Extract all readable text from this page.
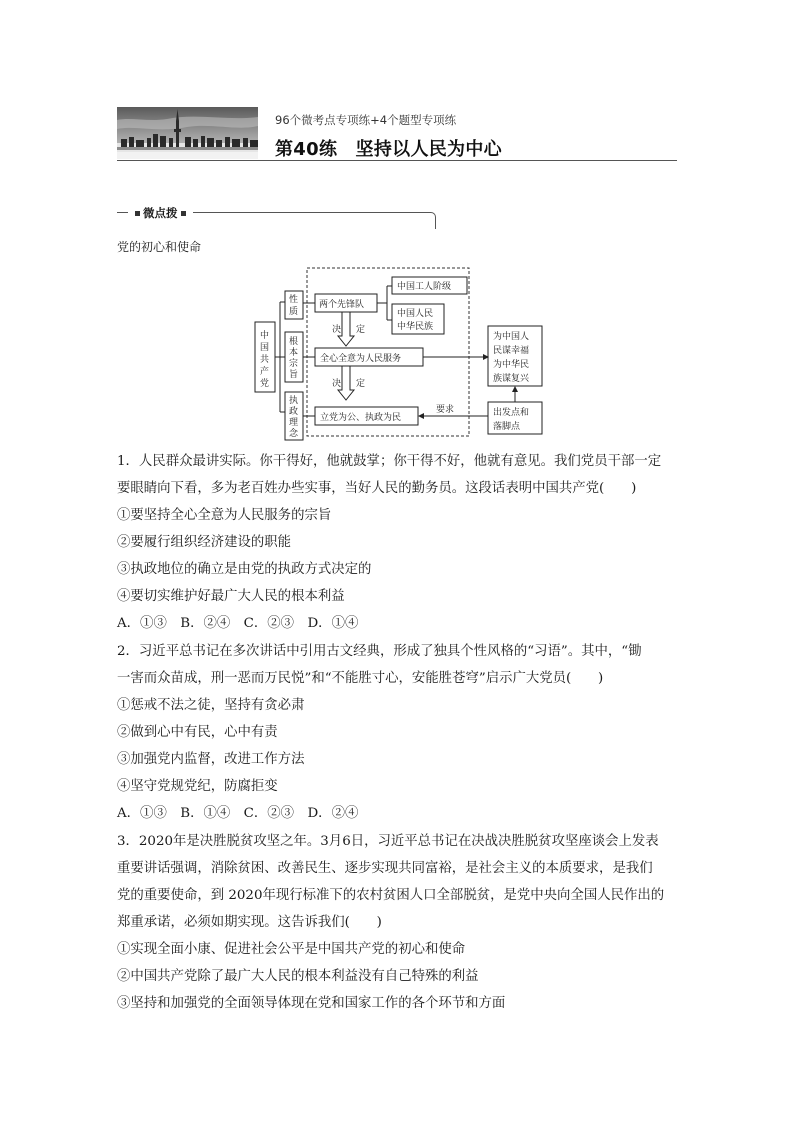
96个微考点专项练+4个题型专项练
第40练　坚持以人民为中心
微点拨
党的初心和使命
中
国
共
产
党
性
质
根
本
宗
旨
执
政
理
念
两个先锋队
中国工人阶级
中国人民
中华民族
决 定
全心全意为人民服务
决 定
立党为公、执政为民
为中国人
民谋幸福
为中华民
族谋复兴
出发点和
落脚点
要求
1．人民群众最讲实际。你干得好，他就鼓掌；你干得不好，他就有意见。我们党员干部一定
要眼睛向下看，多为老百姓办些实事，当好人民的勤务员。这段话表明中国共产党(　　)
①要坚持全心全意为人民服务的宗旨
②要履行组织经济建设的职能
③执政地位的确立是由党的执政方式决定的
④要切实维护好最广大人民的根本利益
A．①③　B．②④　C．②③　D．①④
2．习近平总书记在多次讲话中引用古文经典，形成了独具个性风格的“习语”。其中，“锄
一害而众苗成，刑一恶而万民悦”和“不能胜寸心，安能胜苍穹”启示广大党员(　　)
①惩戒不法之徒，坚持有贪必肃
②做到心中有民，心中有责
③加强党内监督，改进工作方法
④坚守党规党纪，防腐拒变
A．①③　B．①④　C．②③　D．②④
3．2020年是决胜脱贫攻坚之年。3月6日，习近平总书记在决战决胜脱贫攻坚座谈会上发表
重要讲话强调，消除贫困、改善民生、逐步实现共同富裕，是社会主义的本质要求，是我们
党的重要使命，到 2020年现行标准下的农村贫困人口全部脱贫，是党中央向全国人民作出的
郑重承诺，必须如期实现。这告诉我们(　　)
①实现全面小康、促进社会公平是中国共产党的初心和使命
②中国共产党除了最广大人民的根本利益没有自己特殊的利益
③坚持和加强党的全面领导体现在党和国家工作的各个环节和方面
